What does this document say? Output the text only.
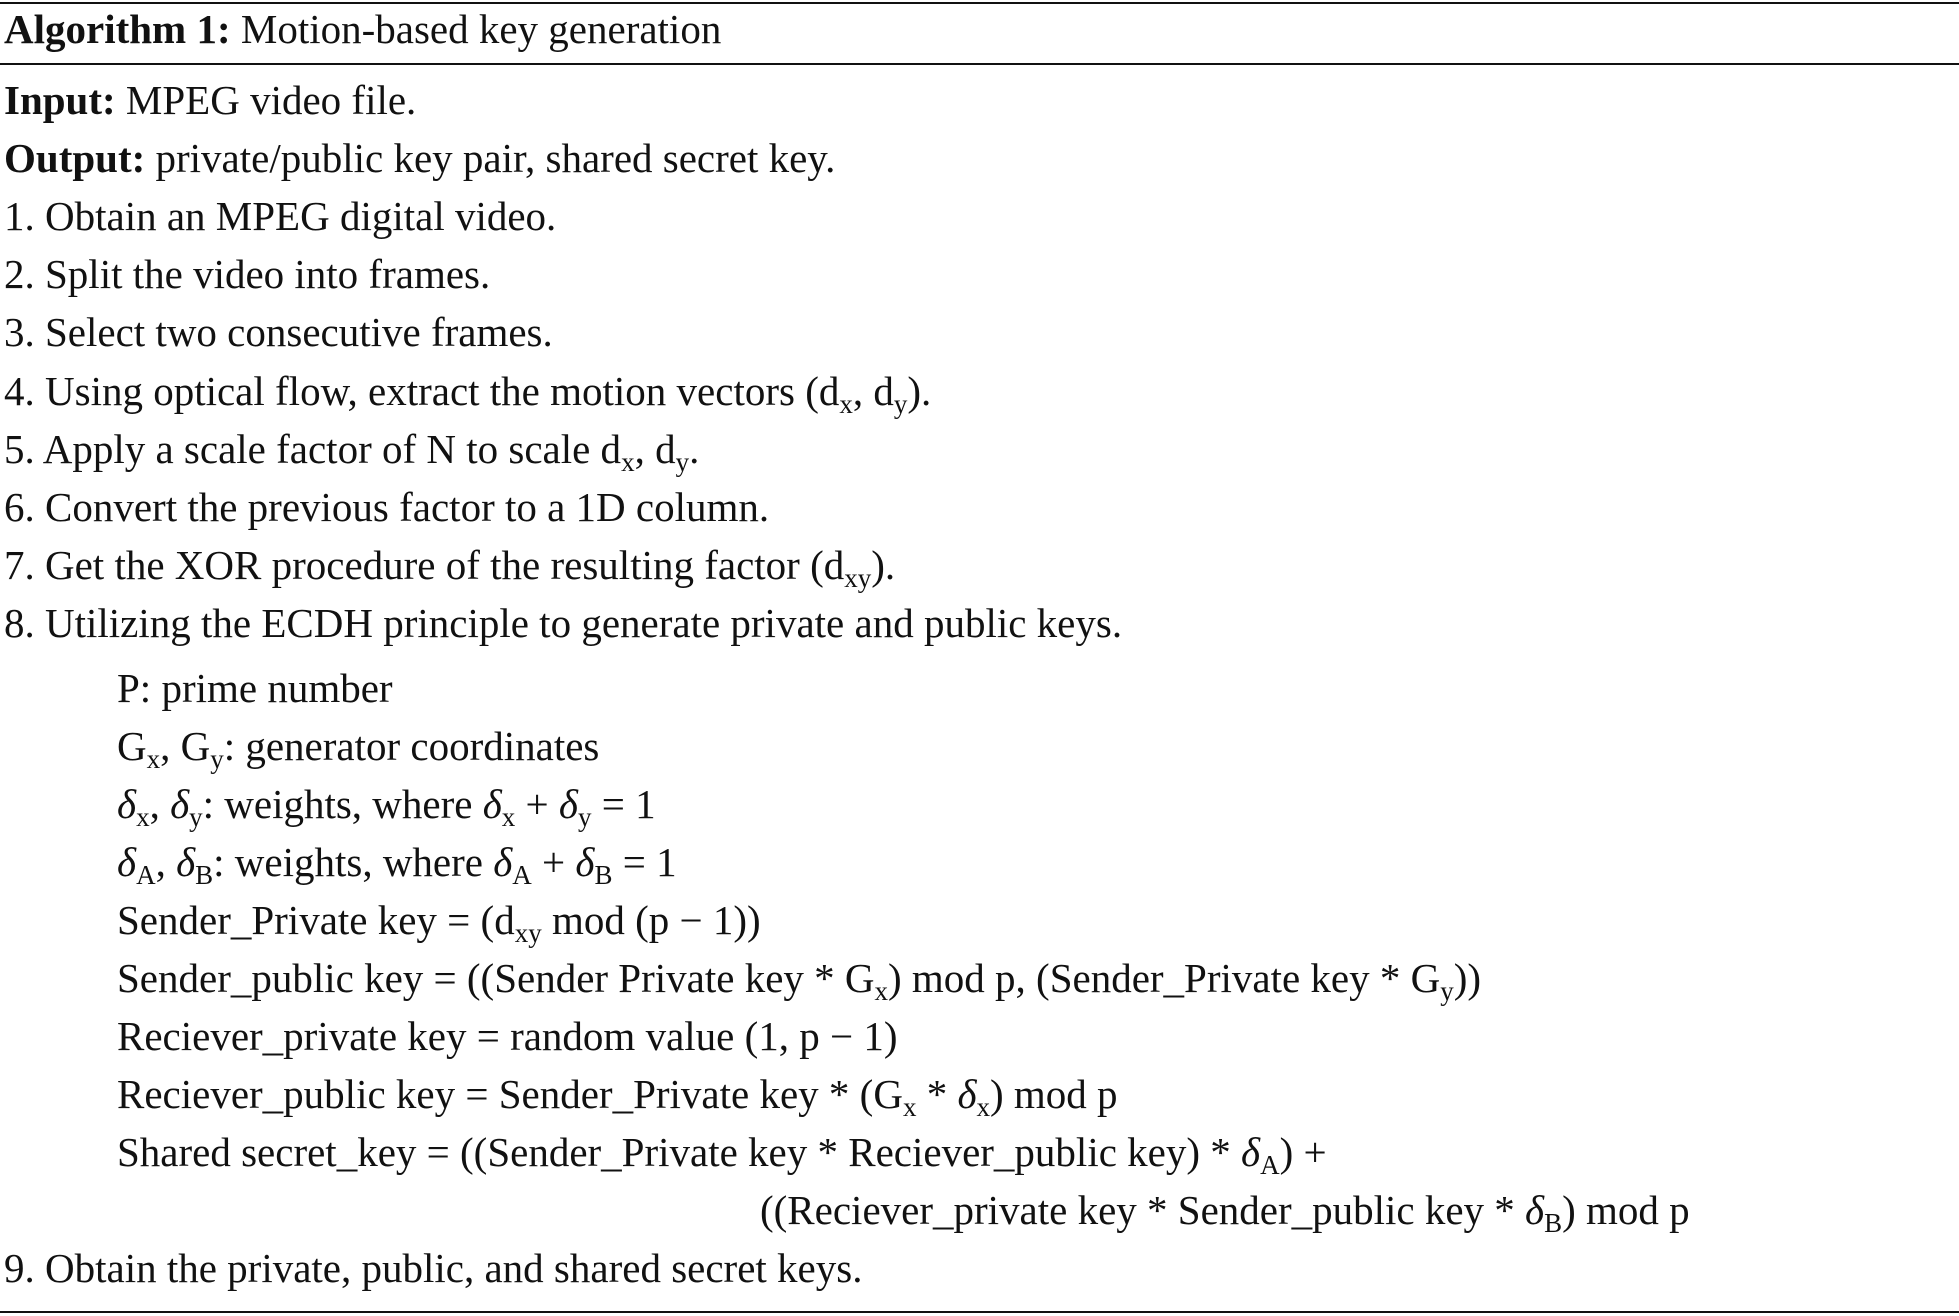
Algorithm 1: Motion-based key generation
Input: MPEG video file.
Output: private/public key pair, shared secret key.
1. Obtain an MPEG digital video.
2. Split the video into frames.
3. Select two consecutive frames.
4. Using optical flow, extract the motion vectors ($d_x$, $d_y$).
5. Apply a scale factor of N to scale $d_x$, $d_y$.
6. Convert the previous factor to a 1D column.
7. Get the XOR procedure of the resulting factor $(d_{xy})$.
8. Utilizing the ECDH principle to generate private and public keys.
P: prime number
$G_x$, $G_y$: generator coordinates
$\delta_x$, $\delta_y$: weights, where $\delta_x + \delta_y = 1$
$\delta_A$, $\delta_B$: weights, where $\delta_A + \delta_B = 1$
Sender_Private key = ($d_{xy}$ mod (p − 1))
Sender_public key = ((Sender Private key * $G_x$) mod p, (Sender_Private key * $G_y$))
Reciever_private key = random value (1, p − 1)
Reciever_public key = Sender_Private key * $(G_x * \delta_x)$ mod p
Shared secret_key = ((Sender_Private key * Reciever_public $key) * \delta_A$) +
((Reciever_private key * Sender_public key * $\delta_B$) mod p
9. Obtain the private, public, and shared secret keys.
